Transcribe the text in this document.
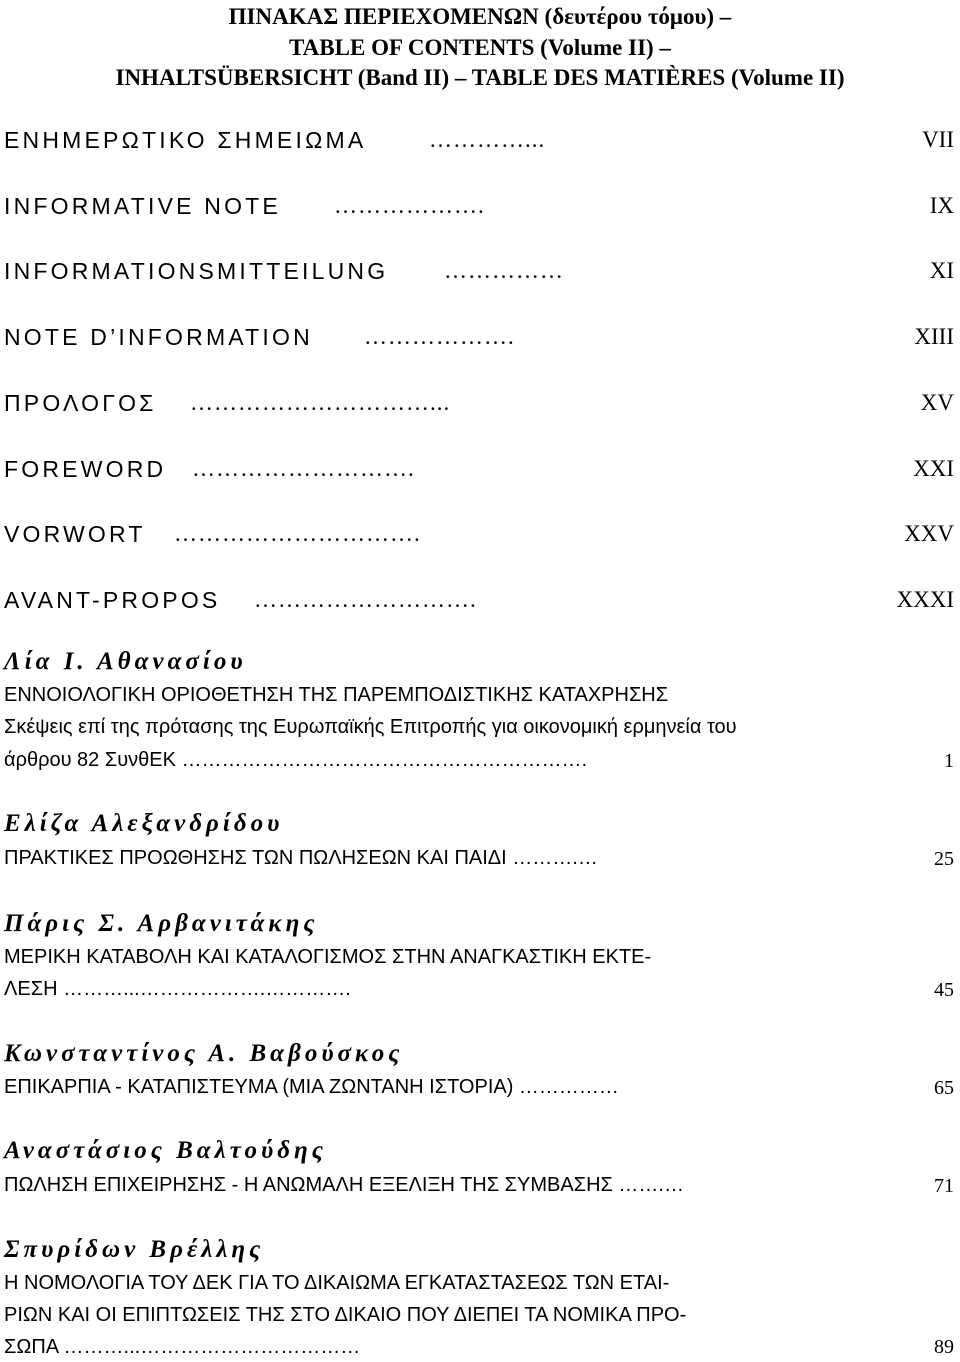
ΠΙΝΑΚΑΣ ΠΕΡΙΕΧΟΜΕΝΩΝ (δευτέρου τόμου) –
TABLE OF CONTENTS (Volume II) –
INHALTSÜBERSICHT (Band II) – TABLE DES MATIÈRES (Volume II)
ΕΝΗΜΕΡΩΤΙΚΟ ΣΗΜΕΙΩΜΑ	…………...	VII
INFORMATIVE NOTE ……………….	IX
INFORMATIONSMITTEILUNG ……………	XI
NOTE D’INFORMATION ……………….	XIII
ΠΡΟΛΟΓΟΣ …………………………...	XV
FOREWORD ……………………….	XXI
VORWORT ………………………….	XXV
AVANT-PROPOS ……………………….	XXXI
Λία Ι. Αθανασίου
ΕΝΝΟΙΟΛΟΓΙΚΗ ΟΡΙΟΘΕΤΗΣΗ ΤΗΣ ΠΑΡΕΜΠΟΔΙΣΤΙΚΗΣ ΚΑΤΑΧΡΗΣΗΣ
Σκέψεις επί της πρότασης της Ευρωπαϊκής Επιτροπής για οικονομική ερμηνεία του
άρθρου 82 ΣυνθΕΚ …………………………………………………….	1
Ελίζα Αλεξανδρίδου
ΠΡΑΚΤΙΚΕΣ ΠΡΟΩΘΗΣΗΣ ΤΩΝ ΠΩΛΗΣΕΩΝ ΚΑΙ ΠΑΙΔΙ ……….…	25
Πάρις Σ. Αρβανιτάκης
ΜΕΡΙΚΗ ΚΑΤΑΒΟΛΗ ΚΑΙ ΚΑΤΑΛΟΓΙΣΜΟΣ ΣΤΗΝ ΑΝΑΓΚΑΣΤΙΚΗ ΕΚΤΕ-
ΛΕΣΗ ………...……………….………….	45
Κωνσταντίνος Α. Βαβούσκος
ΕΠΙΚΑΡΠΙΑ - ΚΑΤΑΠΙΣΤΕΥΜΑ (ΜΙΑ ΖΩΝΤΑΝΗ ΙΣΤΟΡΙΑ) ……………	65
Αναστάσιος Βαλτούδης
ΠΩΛΗΣΗ ΕΠΙΧΕΙΡΗΣΗΣ - Η ΑΝΩΜΑΛΗ ΕΞΕΛΙΞΗ ΤΗΣ ΣΥΜΒΑΣΗΣ …….…	71
Σπυρίδων Βρέλλης
Η ΝΟΜΟΛΟΓΙΑ ΤΟΥ ΔΕΚ ΓΙΑ ΤΟ ΔΙΚΑΙΩΜΑ ΕΓΚΑΤΑΣΤΑΣΕΩΣ ΤΩΝ ΕΤΑΙ-
ΡΙΩΝ ΚΑΙ ΟΙ ΕΠΙΠΤΩΣΕΙΣ ΤΗΣ ΣΤΟ ΔΙΚΑΙΟ ΠΟΥ ΔΙΕΠΕΙ ΤΑ ΝΟΜΙΚΑ ΠΡΟ-
ΣΩΠΑ ………...……………………………	89
